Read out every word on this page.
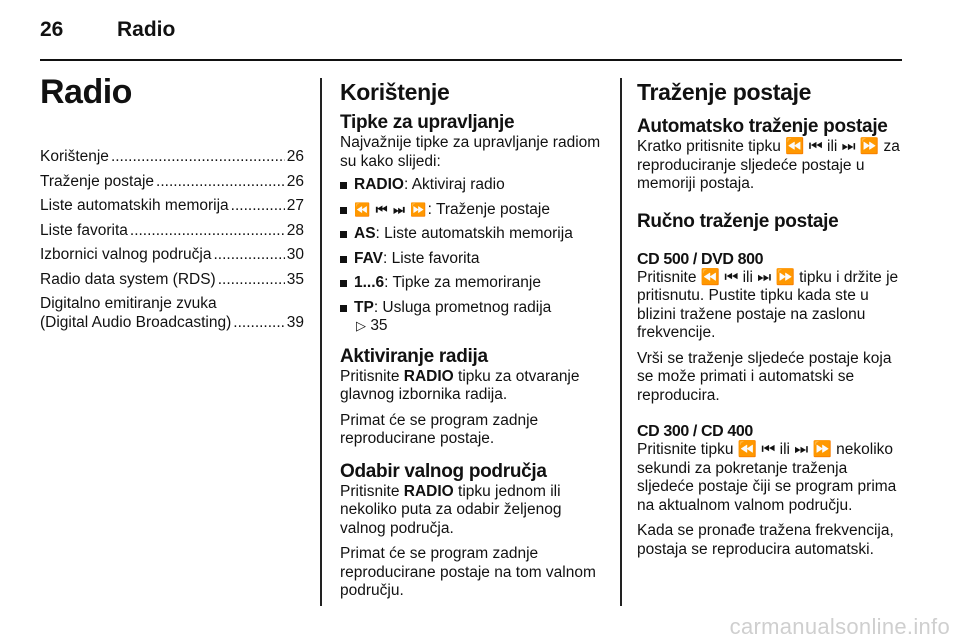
26	Radio
Radio
Korištenje .....	26
Traženje postaje .....	26
Liste automatskih memorija .....	27
Liste favorita .....	28
Izbornici valnog područja .....	30
Radio data system (RDS) .....	35
Digitalno emitiranje zvuka
(Digital Audio Broadcasting) .....	39
Korištenje
Tipke za upravljanje

Najvažnije tipke za upravljanje radiom su kako slijedi:

RADIO: Aktiviraj radio
⏪ ⏮ ⏭ ⏩: Traženje postaje
AS: Liste automatskih memorija
FAV: Liste favorita
1...6: Tipke za memoriranje
TP: Usluga prometnog radija
▷ 35
Aktiviranje radija

Pritisnite RADIO tipku za otvaranje glavnog izbornika radija.

Primat će se program zadnje reproducirane postaje.

Odabir valnog područja

Pritisnite RADIO tipku jednom ili nekoliko puta za odabir željenog valnog područja.

Primat će se program zadnje reproducirane postaje na tom valnom području.

Traženje postaje
Automatsko traženje postaje

Kratko pritisnite tipku ⏪ ⏮ ili ⏭ ⏩ za reproduciranje sljedeće postaje u memoriji postaja.

Ručno traženje postaje
CD 500 / DVD 800

Pritisnite ⏪ ⏮ ili ⏭ ⏩ tipku i držite je pritisnutu. Pustite tipku kada ste u blizini tražene postaje na zaslonu frekvencije.

Vrši se traženje sljedeće postaje koja se može primati i automatski se reproducira.

CD 300 / CD 400

Pritisnite tipku ⏪ ⏮ ili ⏭ ⏩ nekoliko sekundi za pokretanje traženja sljedeće postaje čiji se program prima na aktualnom valnom području.

Kada se pronađe tražena frekvencija, postaja se reproducira automatski.

carmanualsonline.info
